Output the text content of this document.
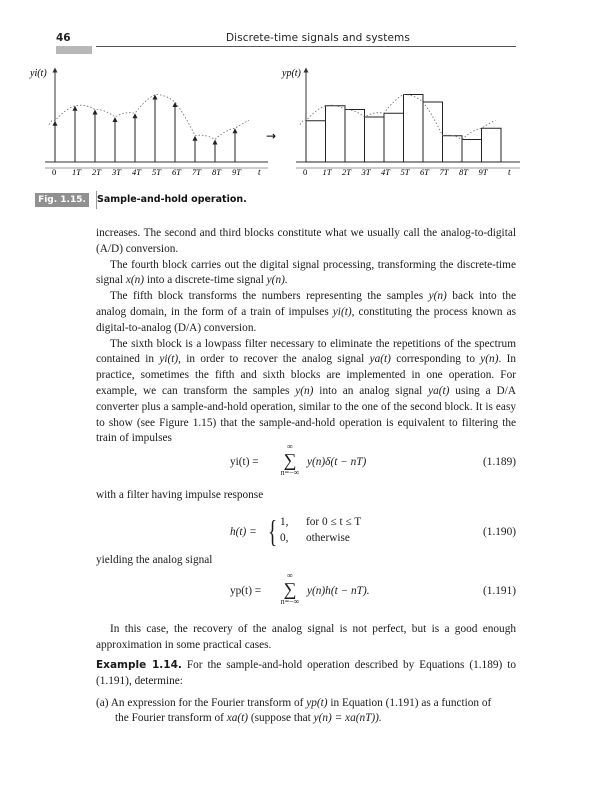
46	Discrete-time signals and systems
yi(t)
0 1T 2T 3T 4T 5T 6T 7T 8T 9T t
→
yp(t)
0 1T 2T 3T 4T 5T 6T 7T 8T 9T t
Fig. 1.15.	Sample-and-hold operation.

increases. The second and third blocks constitute what we usually call the analog-to-digital (A/D) conversion.

The fourth block carries out the digital signal processing, transforming the discrete-time signal x(n) into a discrete-time signal y(n).

The fifth block transforms the numbers representing the samples y(n) back into the analog domain, in the form of a train of impulses yi(t), constituting the process known as digital-to-analog (D/A) conversion.

The sixth block is a lowpass filter necessary to eliminate the repetitions of the spectrum contained in yi(t), in order to recover the analog signal ya(t) corresponding to y(n). In practice, sometimes the fifth and sixth blocks are implemented in one operation. For example, we can transform the samples y(n) into an analog signal ya(t) using a D/A converter plus a sample-and-hold operation, similar to the one of the second block. It is easy to show (see Figure 1.15) that the sample-and-hold operation is equivalent to filtering the train of impulses

yi(t) =
∞
∑
n=−∞
y(n)δ(t − nT)	(1.189)

with a filter having impulse response

h(t) = { 1, for 0 ≤ t ≤ T
0, otherwise	(1.190)

yielding the analog signal

yp(t) =
∞
∑
n=−∞
y(n)h(t − nT).	(1.191)

In this case, the recovery of the analog signal is not perfect, but is a good enough approximation in some practical cases.

Example 1.14. For the sample-and-hold operation described by Equations (1.189) to (1.191), determine:

(a) An expression for the Fourier transform of yp(t) in Equation (1.191) as a function of

the Fourier transform of xa(t) (suppose that y(n) = xa(nT)).
